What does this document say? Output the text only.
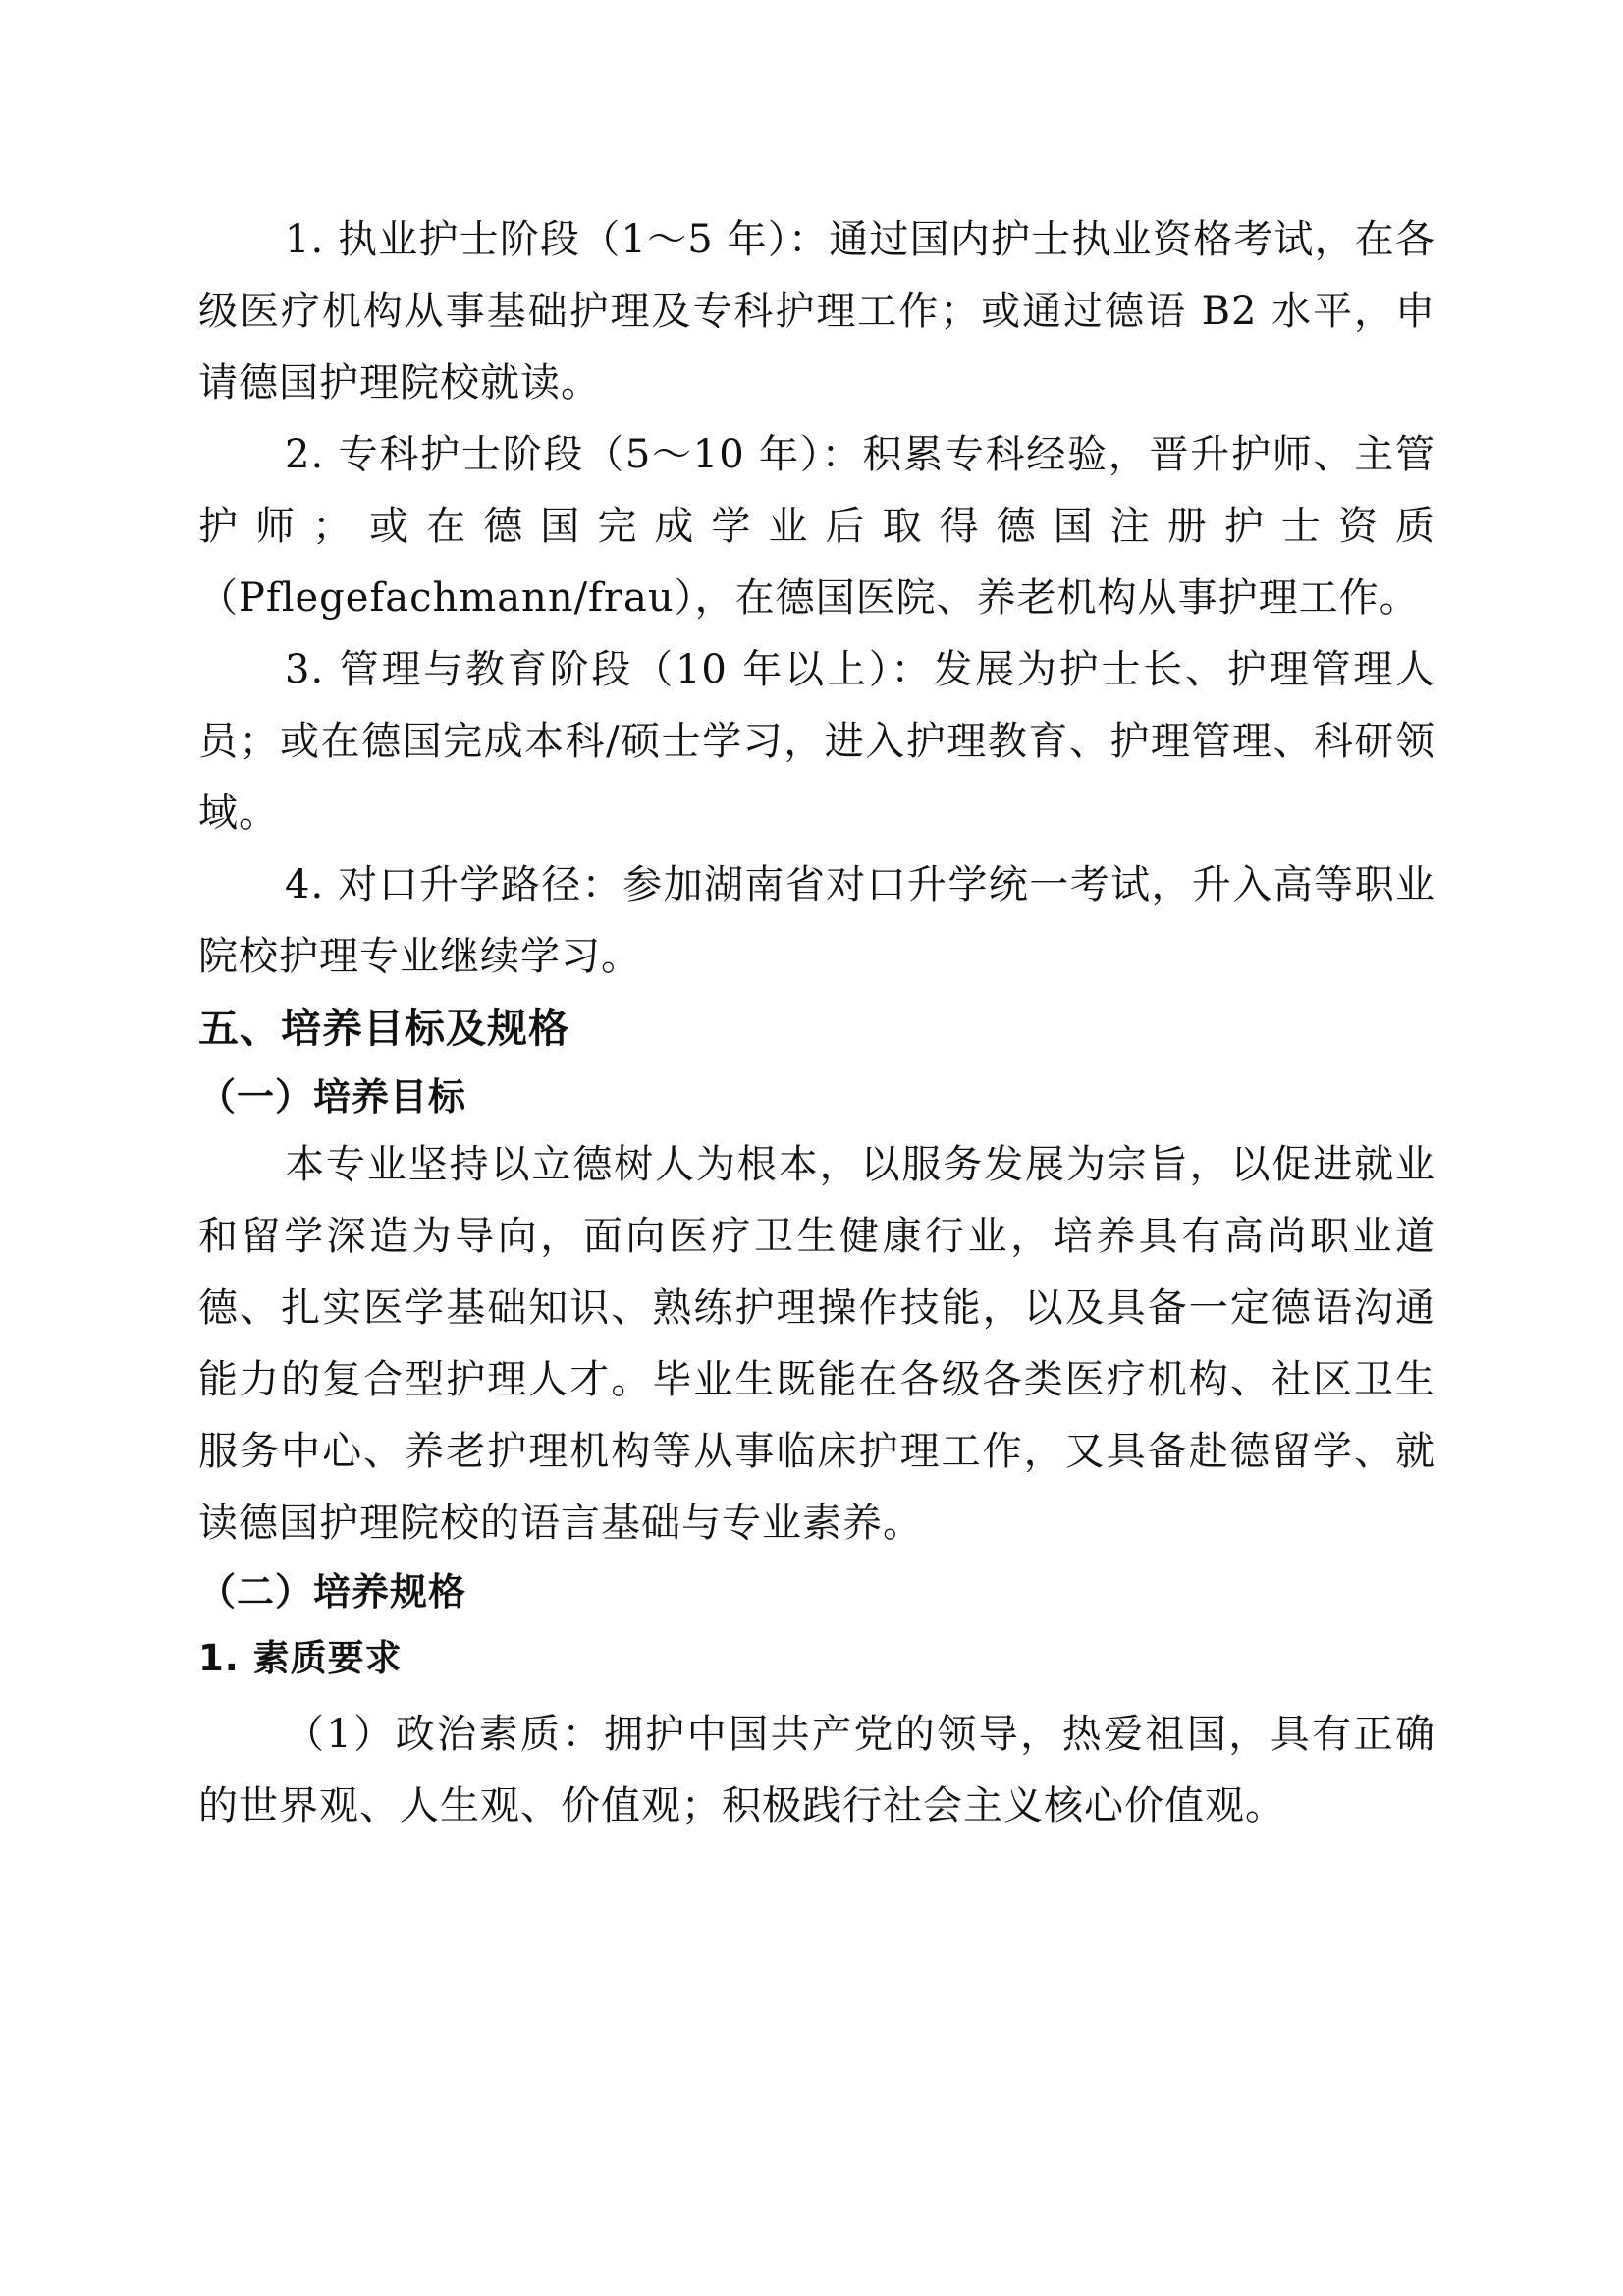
1. 执业护士阶段（1～5 年）：通过国内护士执业资格考试，在各级医疗机构从事基础护理及专科护理工作；或通过德语 B2 水平，申请德国护理院校就读。

2. 专科护士阶段（5～10 年）：积累专科经验，晋升护师、主管护师；或在德国完成学业后取得德国注册护士资质（Pflegefachmann/frau），在德国医院、养老机构从事护理工作。

3. 管理与教育阶段（10 年以上）：发展为护士长、护理管理人员；或在德国完成本科/硕士学习，进入护理教育、护理管理、科研领域。

4. 对口升学路径：参加湖南省对口升学统一考试，升入高等职业院校护理专业继续学习。

五、培养目标及规格
（一）培养目标

本专业坚持以立德树人为根本，以服务发展为宗旨，以促进就业和留学深造为导向，面向医疗卫生健康行业，培养具有高尚职业道德、扎实医学基础知识、熟练护理操作技能，以及具备一定德语沟通能力的复合型护理人才。毕业生既能在各级各类医疗机构、社区卫生服务中心、养老护理机构等从事临床护理工作，又具备赴德留学、就读德国护理院校的语言基础与专业素养。

（二）培养规格
1. 素质要求

（1）政治素质：拥护中国共产党的领导，热爱祖国，具有正确的世界观、人生观、价值观；积极践行社会主义核心价值观。
